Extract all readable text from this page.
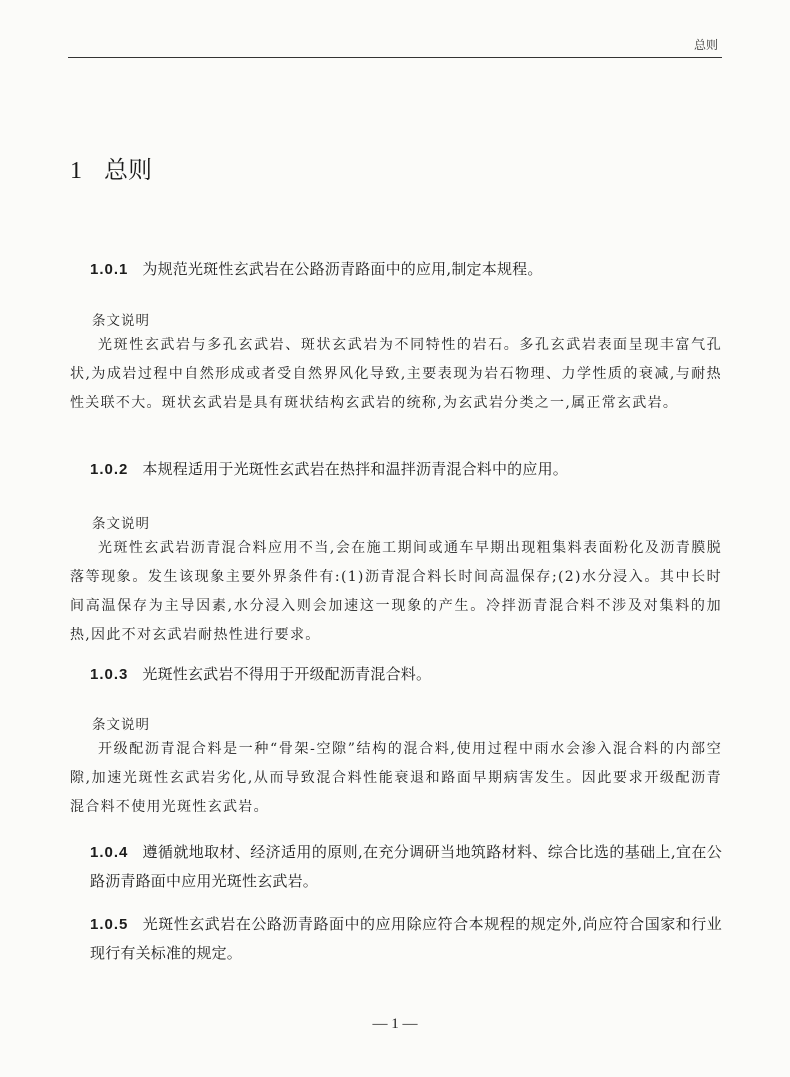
总则
1 总则
1.0.1 为规范光斑性玄武岩在公路沥青路面中的应用,制定本规程。
条文说明
光斑性玄武岩与多孔玄武岩、斑状玄武岩为不同特性的岩石。多孔玄武岩表面呈现丰富气孔状,为成岩过程中自然形成或者受自然界风化导致,主要表现为岩石物理、力学性质的衰减,与耐热性关联不大。斑状玄武岩是具有斑状结构玄武岩的统称,为玄武岩分类之一,属正常玄武岩。
1.0.2 本规程适用于光斑性玄武岩在热拌和温拌沥青混合料中的应用。
条文说明
光斑性玄武岩沥青混合料应用不当,会在施工期间或通车早期出现粗集料表面粉化及沥青膜脱落等现象。发生该现象主要外界条件有:(1)沥青混合料长时间高温保存;(2)水分浸入。其中长时间高温保存为主导因素,水分浸入则会加速这一现象的产生。冷拌沥青混合料不涉及对集料的加热,因此不对玄武岩耐热性进行要求。
1.0.3 光斑性玄武岩不得用于开级配沥青混合料。
条文说明
开级配沥青混合料是一种“骨架-空隙”结构的混合料,使用过程中雨水会渗入混合料的内部空隙,加速光斑性玄武岩劣化,从而导致混合料性能衰退和路面早期病害发生。因此要求开级配沥青混合料不使用光斑性玄武岩。
1.0.4 遵循就地取材、经济适用的原则,在充分调研当地筑路材料、综合比选的基础上,宜在公路沥青路面中应用光斑性玄武岩。
1.0.5 光斑性玄武岩在公路沥青路面中的应用除应符合本规程的规定外,尚应符合国家和行业现行有关标准的规定。
— 1 —
